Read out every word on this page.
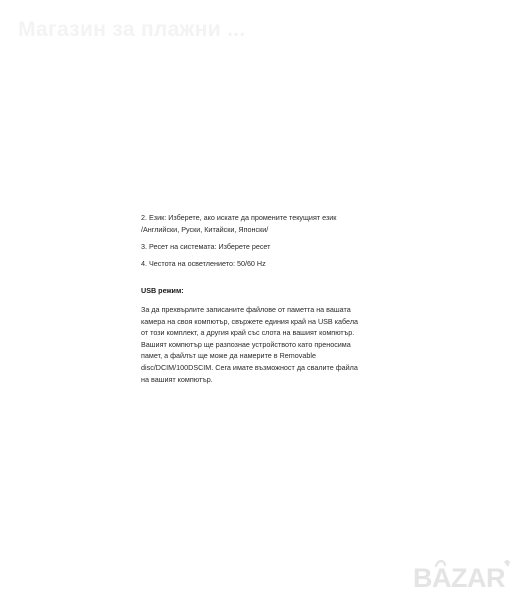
Магазин за плажни ...

2. Език: Изберете, ако искате да промените текущият език
/Английски, Руски, Китайски, Японски/

3. Ресет на системата: Изберете ресет

4. Честота на осветлението: 50/60 Hz

USB режим:

За да прехвърлите записаните файлове от паметта на вашата
камера на своя компютър, свържете единия край на USB кабела
от този комплект, а другия край със слота на вашият компютър.
Вашият компютър ще разпознае устройството като преносима
памет, а файлът ще може да намерите в Removable
disc/DCIM/100DSCIM. Сега имате възможност да свалите файла
на вашият компютър.

BAZAR
